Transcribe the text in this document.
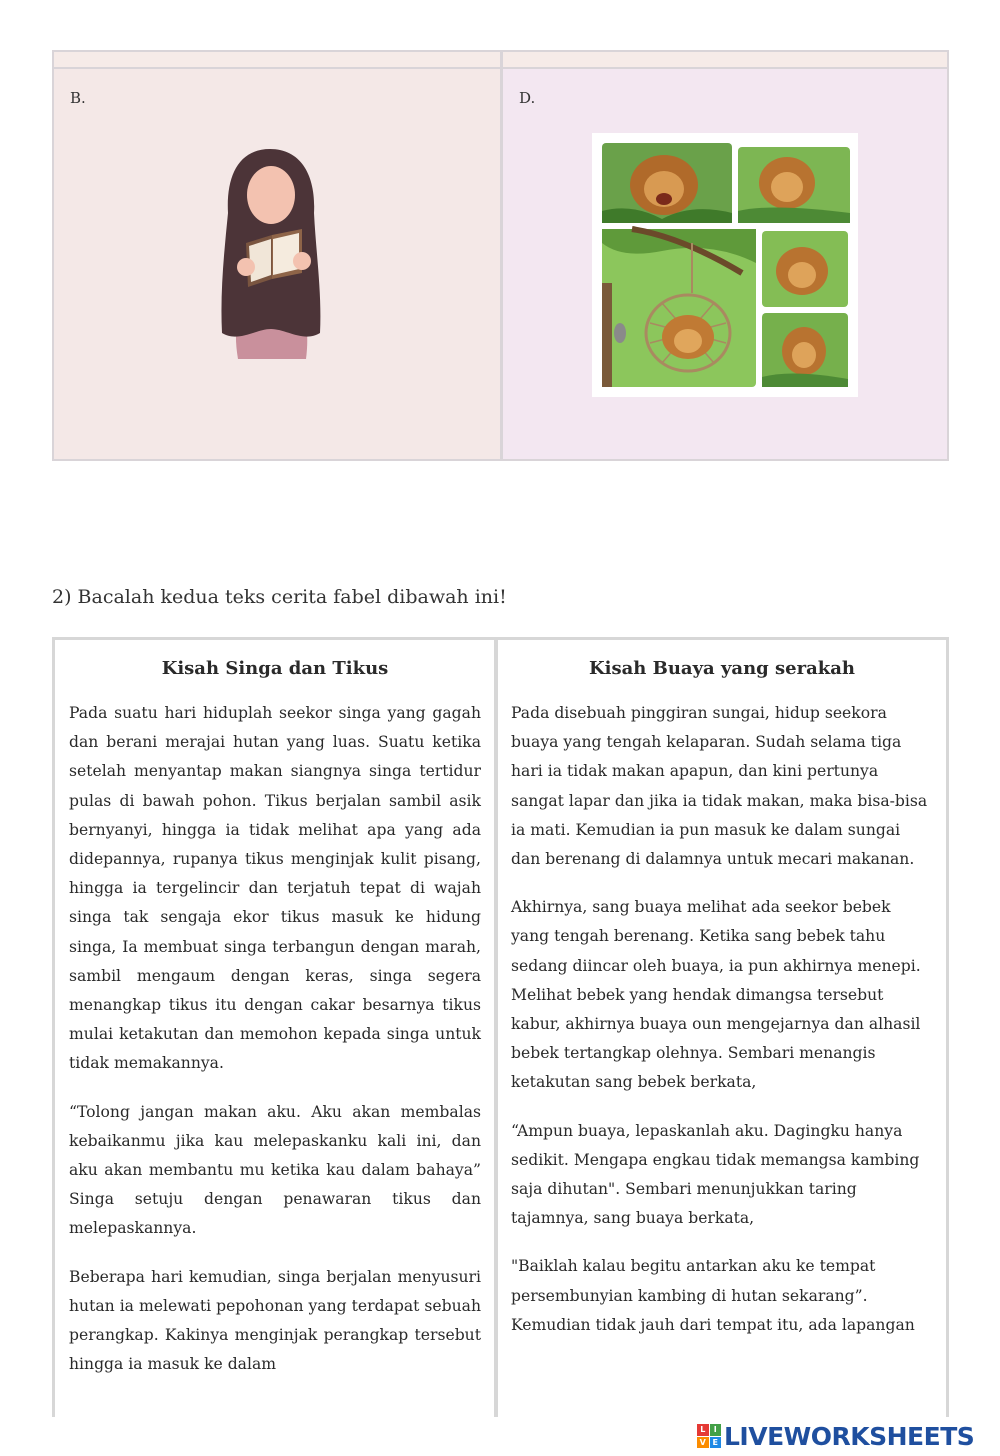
B.	D.
2) Bacalah kedua teks cerita fabel dibawah ini!
Kisah Singa dan Tikus

Pada suatu hari hiduplah seekor singa yang gagah dan berani merajai hutan yang luas. Suatu ketika setelah menyantap makan siangnya singa tertidur pulas di bawah pohon. Tikus berjalan sambil asik bernyanyi, hingga ia tidak melihat apa yang ada didepannya, rupanya tikus menginjak kulit pisang, hingga ia tergelincir dan terjatuh tepat di wajah singa tak sengaja ekor tikus masuk ke hidung singa, Ia membuat singa terbangun dengan marah, sambil mengaum dengan keras, singa segera menangkap tikus itu dengan cakar besarnya tikus mulai ketakutan dan memohon kepada singa untuk tidak memakannya.

“Tolong jangan makan aku. Aku akan membalas kebaikanmu jika kau melepaskanku kali ini, dan aku akan membantu mu ketika kau dalam bahaya” Singa setuju dengan penawaran tikus dan melepaskannya.

Beberapa hari kemudian, singa berjalan menyusuri hutan ia melewati pepohonan yang terdapat sebuah perangkap. Kakinya menginjak perangkap tersebut hingga ia masuk ke dalam

Kisah Buaya yang serakah

Pada disebuah pinggiran sungai, hidup seekora buaya yang tengah kelaparan. Sudah selama tiga hari ia tidak makan apapun, dan kini pertunya sangat lapar dan jika ia tidak makan, maka bisa-bisa ia mati. Kemudian ia pun masuk ke dalam sungai dan berenang di dalamnya untuk mecari makanan.

Akhirnya, sang buaya melihat ada seekor bebek yang tengah berenang. Ketika sang bebek tahu sedang diincar oleh buaya, ia pun akhirnya menepi. Melihat bebek yang hendak dimangsa tersebut kabur, akhirnya buaya oun mengejarnya dan alhasil bebek tertangkap olehnya. Sembari menangis ketakutan sang bebek berkata,

“Ampun buaya, lepaskanlah aku. Dagingku hanya sedikit. Mengapa engkau tidak memangsa kambing saja dihutan". Sembari menunjukkan taring tajamnya, sang buaya berkata,

"Baiklah kalau begitu antarkan aku ke tempat persembunyian kambing di hutan sekarang”. Kemudian tidak jauh dari tempat itu, ada lapangan

L	I
V E LIVEWORKSHEETS
